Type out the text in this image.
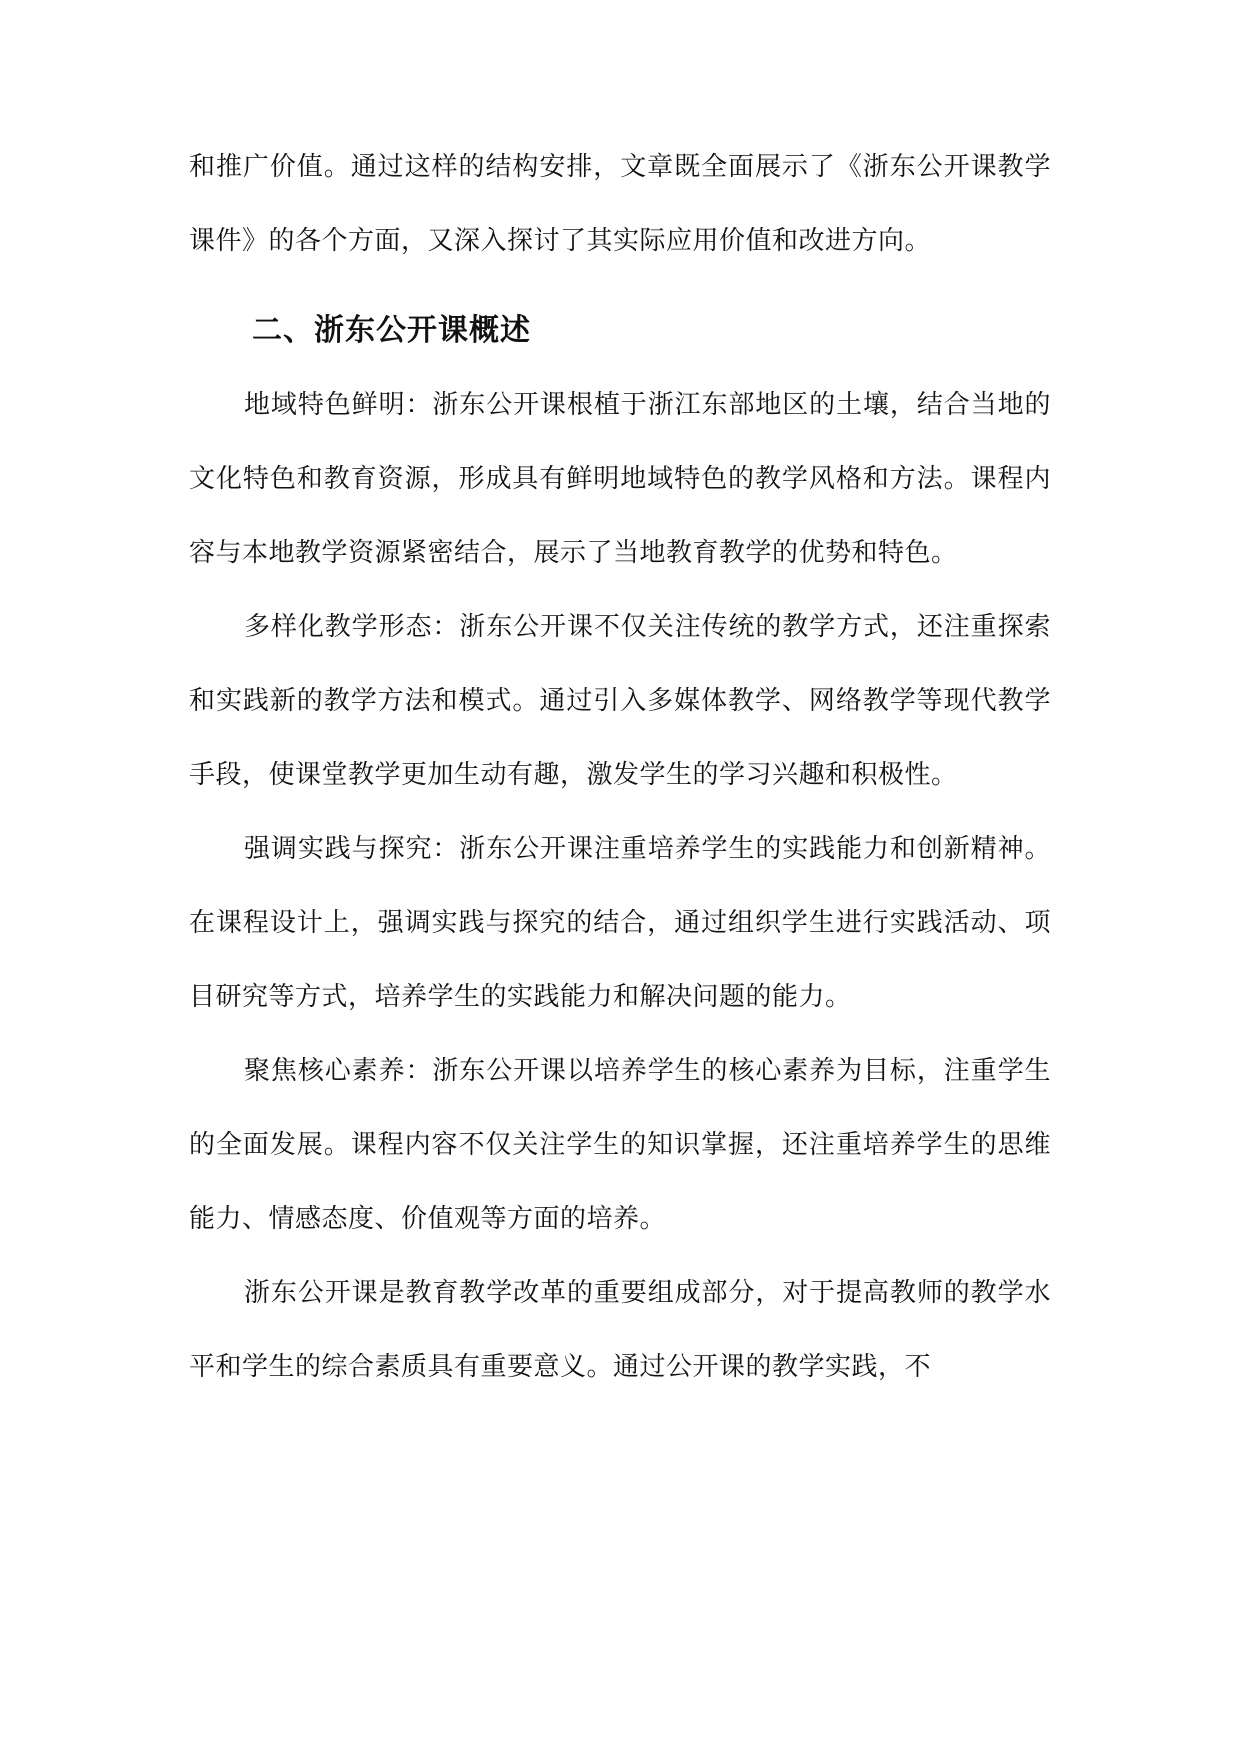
和推广价值。通过这样的结构安排，文章既全面展示了《浙东公开课教学课件》的各个方面，又深入探讨了其实际应用价值和改进方向。

二、浙东公开课概述

地域特色鲜明：浙东公开课根植于浙江东部地区的土壤，结合当地的文化特色和教育资源，形成具有鲜明地域特色的教学风格和方法。课程内容与本地教学资源紧密结合，展示了当地教育教学的优势和特色。

多样化教学形态：浙东公开课不仅关注传统的教学方式，还注重探索和实践新的教学方法和模式。通过引入多媒体教学、网络教学等现代教学手段，使课堂教学更加生动有趣，激发学生的学习兴趣和积极性。

强调实践与探究：浙东公开课注重培养学生的实践能力和创新精神。在课程设计上，强调实践与探究的结合，通过组织学生进行实践活动、项目研究等方式，培养学生的实践能力和解决问题的能力。

聚焦核心素养：浙东公开课以培养学生的核心素养为目标，注重学生的全面发展。课程内容不仅关注学生的知识掌握，还注重培养学生的思维能力、情感态度、价值观等方面的培养。

浙东公开课是教育教学改革的重要组成部分，对于提高教师的教学水平和学生的综合素质具有重要意义。通过公开课的教学实践，不
